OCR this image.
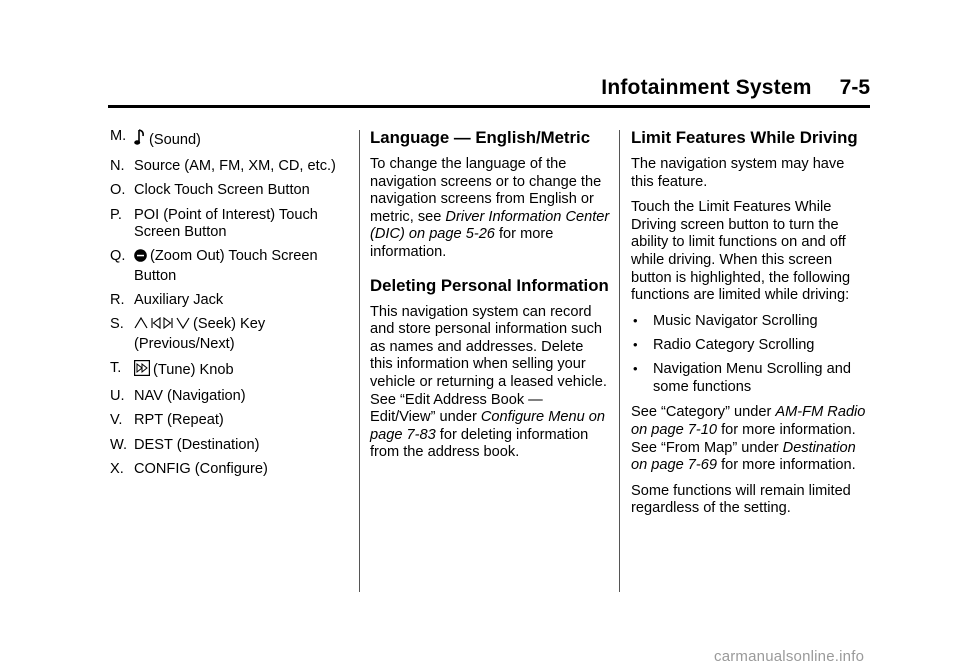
Infotainment System 7-5
M. (Sound)
N. Source (AM, FM, XM, CD, etc.)
O. Clock Touch Screen Button
P. POI (Point of Interest) Touch Screen Button
Q. (Zoom Out) Touch Screen Button
R. Auxiliary Jack
S.	(Seek) Key (Previous/Next)
T. (Tune) Knob
U. NAV (Navigation)
V. RPT (Repeat)
W. DEST (Destination)
X. CONFIG (Configure)
Language — English/Metric

To change the language of the navigation screens or to change the navigation screens from English or metric, see Driver Information Center (DIC) on page 5‑26 for more information.

Deleting Personal Information

This navigation system can record and store personal information such as names and addresses. Delete this information when selling your vehicle or returning a leased vehicle. See “Edit Address Book — Edit/View” under Configure Menu on page 7‑83 for deleting information from the address book.

Limit Features While Driving

The navigation system may have this feature.

Touch the Limit Features While Driving screen button to turn the ability to limit functions on and off while driving. When this screen button is highlighted, the following functions are limited while driving:

• Music Navigator Scrolling
• Radio Category Scrolling
• Navigation Menu Scrolling and some functions

See “Category” under AM-FM Radio on page 7‑10 for more information. See “From Map” under Destination on page 7‑69 for more information.

Some functions will remain limited regardless of the setting.

carmanualsonline.info
